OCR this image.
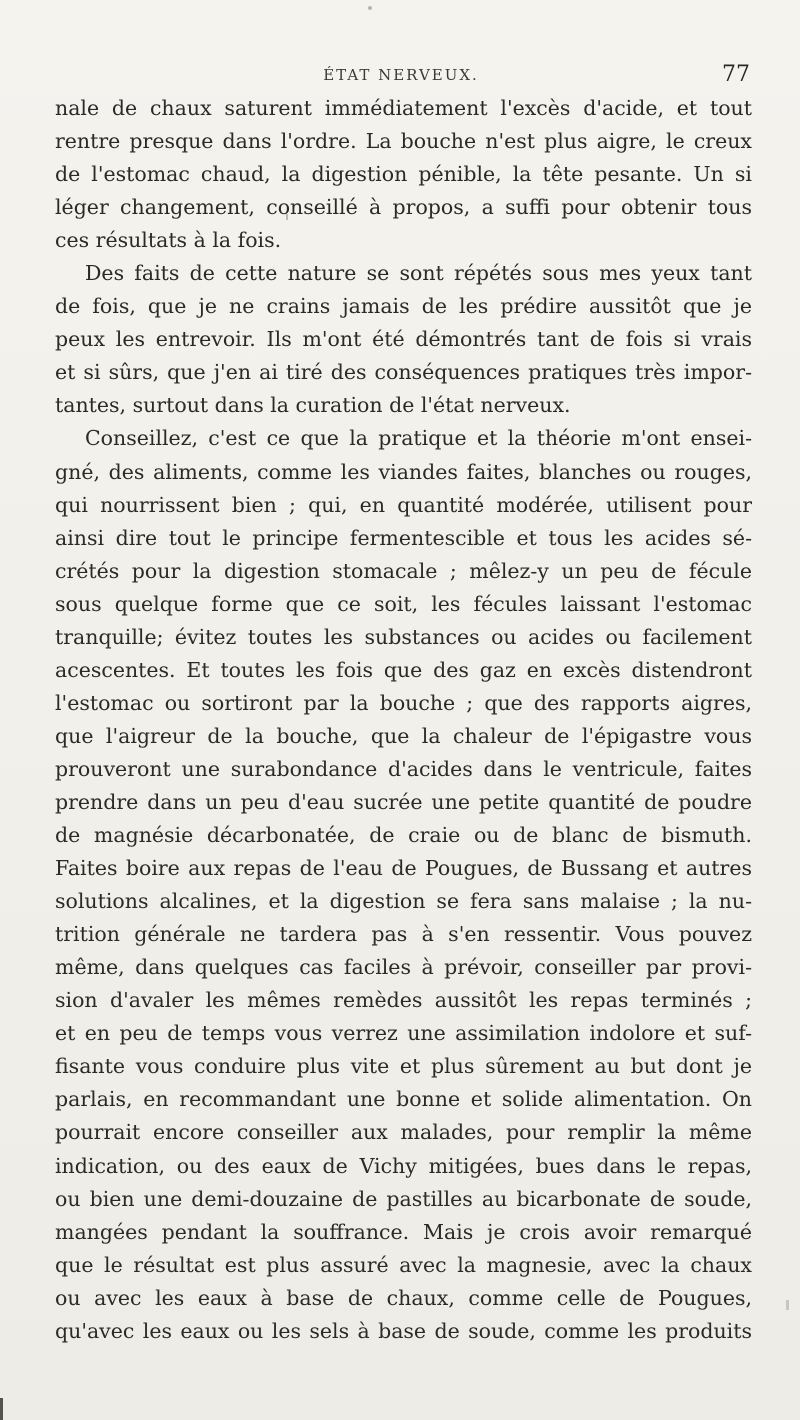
ÉTAT NERVEUX.	77
nale de chaux saturent immédiatement l'excès d'acide, et tout
rentre presque dans l'ordre. La bouche n'est plus aigre, le creux
de l'estomac chaud, la digestion pénible, la tête pesante. Un si
léger changement, conseillé à propos, a suffi pour obtenir tous
ces résultats à la fois.
Des faits de cette nature se sont répétés sous mes yeux tant
de fois, que je ne crains jamais de les prédire aussitôt que je
peux les entrevoir. Ils m'ont été démontrés tant de fois si vrais
et si sûrs, que j'en ai tiré des conséquences pratiques très impor-
tantes, surtout dans la curation de l'état nerveux.
Conseillez, c'est ce que la pratique et la théorie m'ont ensei-
gné, des aliments, comme les viandes faites, blanches ou rouges,
qui nourrissent bien ; qui, en quantité modérée, utilisent pour
ainsi dire tout le principe fermentescible et tous les acides sé-
crétés pour la digestion stomacale ; mêlez-y un peu de fécule
sous quelque forme que ce soit, les fécules laissant l'estomac
tranquille; évitez toutes les substances ou acides ou facilement
acescentes. Et toutes les fois que des gaz en excès distendront
l'estomac ou sortiront par la bouche ; que des rapports aigres,
que l'aigreur de la bouche, que la chaleur de l'épigastre vous
prouveront une surabondance d'acides dans le ventricule, faites
prendre dans un peu d'eau sucrée une petite quantité de poudre
de magnésie décarbonatée, de craie ou de blanc de bismuth.
Faites boire aux repas de l'eau de Pougues, de Bussang et autres
solutions alcalines, et la digestion se fera sans malaise ; la nu-
trition générale ne tardera pas à s'en ressentir. Vous pouvez
même, dans quelques cas faciles à prévoir, conseiller par provi-
sion d'avaler les mêmes remèdes aussitôt les repas terminés ;
et en peu de temps vous verrez une assimilation indolore et suf-
fisante vous conduire plus vite et plus sûrement au but dont je
parlais, en recommandant une bonne et solide alimentation. On
pourrait encore conseiller aux malades, pour remplir la même
indication, ou des eaux de Vichy mitigées, bues dans le repas,
ou bien une demi-douzaine de pastilles au bicarbonate de soude,
mangées pendant la souffrance. Mais je crois avoir remarqué
que le résultat est plus assuré avec la magnesie, avec la chaux
ou avec les eaux à base de chaux, comme celle de Pougues,
qu'avec les eaux ou les sels à base de soude, comme les produits
